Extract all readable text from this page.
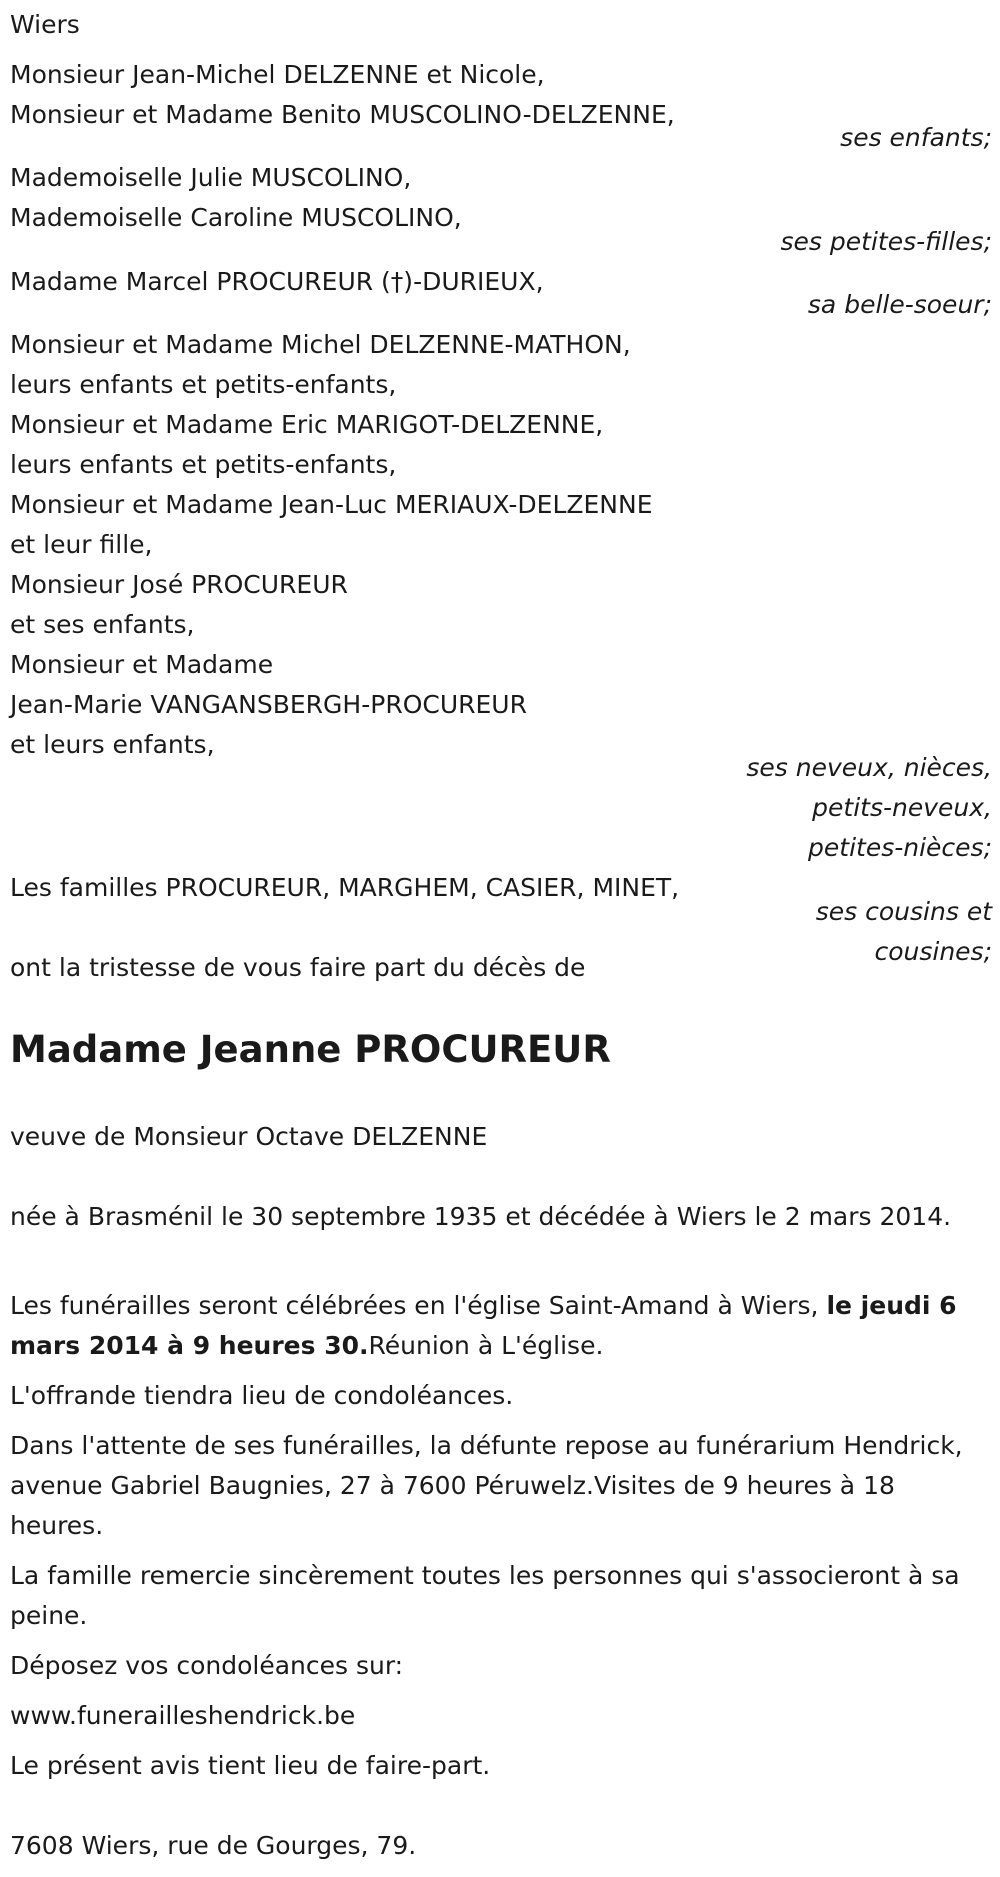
Wiers
Monsieur Jean-Michel DELZENNE et Nicole,
Monsieur et Madame Benito MUSCOLINO-DELZENNE,
ses enfants;
Mademoiselle Julie MUSCOLINO,
Mademoiselle Caroline MUSCOLINO,
ses petites-filles;
Madame Marcel PROCUREUR (†)-DURIEUX,
sa belle-soeur;
Monsieur et Madame Michel DELZENNE-MATHON,
leurs enfants et petits-enfants,
Monsieur et Madame Eric MARIGOT-DELZENNE,
leurs enfants et petits-enfants,
Monsieur et Madame Jean-Luc MERIAUX-DELZENNE
et leur fille,
Monsieur José PROCUREUR
et ses enfants,
Monsieur et Madame
Jean-Marie VANGANSBERGH-PROCUREUR
et leurs enfants,
ses neveux, nièces,
petits-neveux,
petites-nièces;
Les familles PROCUREUR, MARGHEM, CASIER, MINET,
ses cousins et
cousines;
ont la tristesse de vous faire part du décès de
Madame Jeanne PROCUREUR
veuve de Monsieur Octave DELZENNE
née à Brasménil le 30 septembre 1935 et décédée à Wiers le 2 mars 2014.
Les funérailles seront célébrées en l'église Saint-Amand à Wiers, le jeudi 6 mars 2014 à 9 heures 30.Réunion à L'église.
L'offrande tiendra lieu de condoléances.
Dans l'attente de ses funérailles, la défunte repose au funérarium Hendrick, avenue Gabriel Baugnies, 27 à 7600 Péruwelz.Visites de 9 heures à 18 heures.
La famille remercie sincèrement toutes les personnes qui s'associeront à sa peine.
Déposez vos condoléances sur:
www.funerailleshendrick.be
Le présent avis tient lieu de faire-part.
7608 Wiers, rue de Gourges, 79.
